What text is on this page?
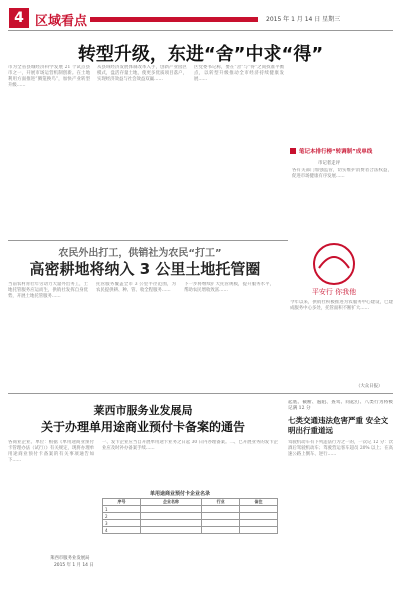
4 区域看点	2015 年 1 月 14 日 星期三
转型升级，东进“舍”中求“得”
市为全省县城经济科学发展 21 个试点县市之一，开展市场运营机制创新。在土地利用方面推进“腾笼换鸟”，加快产业转型升级……
从县域经济发展体制改革入手，创新产业园区模式，盘活存量土地，使更多优质项目落户，实现经济效益与社会效益双赢……
区党委书记称，要在“舍”与“得”之间找准平衡点，以转型升级推动全市经济持续健康发展……
笔记本排行榜“转调制”成单线
市记者走评
各有关部门加强监管，切实维护消费者合法权益，促进市场健康有序发展……
农民外出打工，供销社为农民“打工”
高密耕地将纳入 3 公里土地托管圈
当前农村青壮年劳动力大量外出务工，土地托管服务应运而生，供销社发挥自身优势，开展土地托管服务……
托管服务覆盖全市 3 公里半径范围，为农民提供耕、种、管、收全程服务……
下一步将继续扩大托管规模，提升服务水平，帮助农民增收致富……	平安行 你我他
今年以来，供销社积极推进为农服务中心建设，已建成服务中心多处，托管面积不断扩大……
（大众日报）
莱西市服务业发展局
关于办理单用途商业预付卡备案的通告
各商业企业、单位：根据《单用途商业预付卡管理办法（试行）》有关规定，现将办理单用途商业预付卡备案的有关事项通告如下……
一、发卡企业应当自开展单用途卡业务之日起 30 日内办理备案。二、已开展业务的发卡企业应及时补办备案手续……
莱西市服务业发展局
2015 年 1 月 14 日
单用途商业预付卡企业名录
序号	企业名称	行业	备注
1			
2			
3			
4			
起底、截断、遏阻、查驾、问起打、八类行为将被记满 12 分
七类交通违法危害严重 安全文明出行重道远
驾驶机动车有下列违法行为之一的，一次记 12 分：饮酒后驾驶机动车；驾驶营运客车超员 20% 以上；在高速公路上倒车、逆行……
